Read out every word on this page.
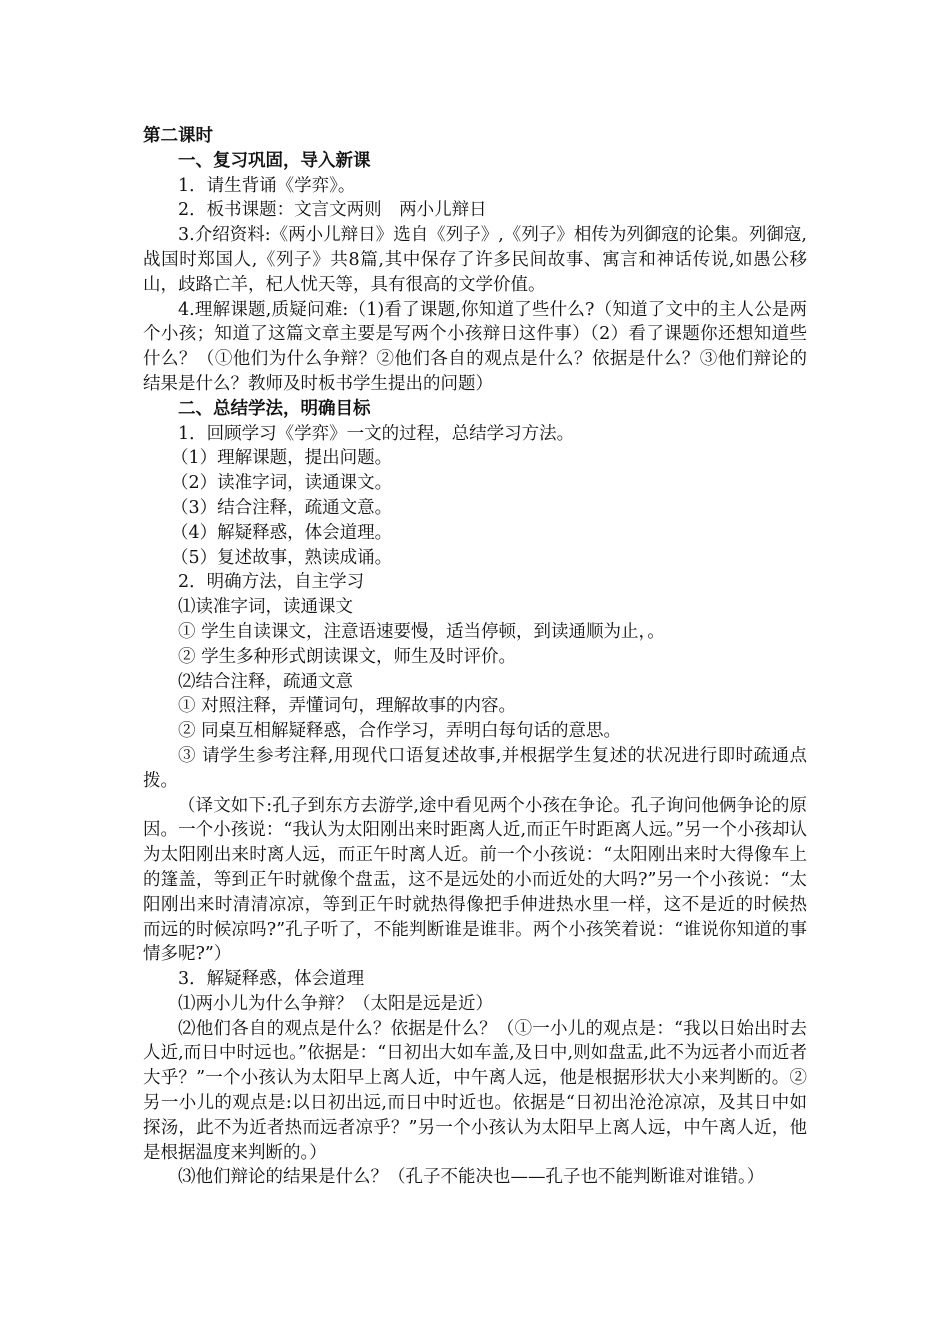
第二课时
一、复习巩固，导入新课
1．请生背诵《学弈》。
2．板书课题：文言文两则　两小儿辩日
3.介绍资料:《两小儿辩日》选自《列子》,《列子》相传为列御寇的论集。列御寇,战国时郑国人,《列子》共8篇,其中保存了许多民间故事、寓言和神话传说,如愚公移山，歧路亡羊，杞人忧天等，具有很高的文学价值。
4.理解课题,质疑问难:（1)看了课题,你知道了些什么?（知道了文中的主人公是两个小孩；知道了这篇文章主要是写两个小孩辩日这件事）（2）看了课题你还想知道些什么？（①他们为什么争辩？②他们各自的观点是什么？依据是什么？③他们辩论的结果是什么？教师及时板书学生提出的问题）
二、总结学法，明确目标
1．回顾学习《学弈》一文的过程，总结学习方法。
（1）理解课题，提出问题。
（2）读准字词，读通课文。
（3）结合注释，疏通文意。
（4）解疑释惑，体会道理。
（5）复述故事，熟读成诵。
2．明确方法，自主学习
⑴读准字词，读通课文
① 学生自读课文，注意语速要慢，适当停顿，到读通顺为止，。
② 学生多种形式朗读课文，师生及时评价。
⑵结合注释，疏通文意
① 对照注释，弄懂词句，理解故事的内容。
② 同桌互相解疑释惑，合作学习，弄明白每句话的意思。
③ 请学生参考注释,用现代口语复述故事,并根据学生复述的状况进行即时疏通点拨。
（译文如下:孔子到东方去游学,途中看见两个小孩在争论。孔子询问他俩争论的原因。一个小孩说：“我认为太阳刚出来时距离人近,而正午时距离人远。”另一个小孩却认为太阳刚出来时离人远，而正午时离人近。前一个小孩说：“太阳刚出来时大得像车上的篷盖，等到正午时就像个盘盂，这不是远处的小而近处的大吗?”另一个小孩说：“太阳刚出来时清清凉凉，等到正午时就热得像把手伸进热水里一样，这不是近的时候热而远的时候凉吗?”孔子听了，不能判断谁是谁非。两个小孩笑着说：“谁说你知道的事情多呢?”）
3．解疑释惑，体会道理
⑴两小儿为什么争辩？（太阳是远是近）
⑵他们各自的观点是什么？依据是什么？（①一小儿的观点是：“我以日始出时去人近,而日中时远也。”依据是：“日初出大如车盖,及日中,则如盘盂,此不为远者小而近者大乎？”一个小孩认为太阳早上离人近，中午离人远，他是根据形状大小来判断的。②另一小儿的观点是:以日初出远,而日中时近也。依据是“日初出沧沧凉凉，及其日中如探汤，此不为近者热而远者凉乎？”另一个小孩认为太阳早上离人远，中午离人近，他是根据温度来判断的。）
⑶他们辩论的结果是什么？（孔子不能决也——孔子也不能判断谁对谁错。）
